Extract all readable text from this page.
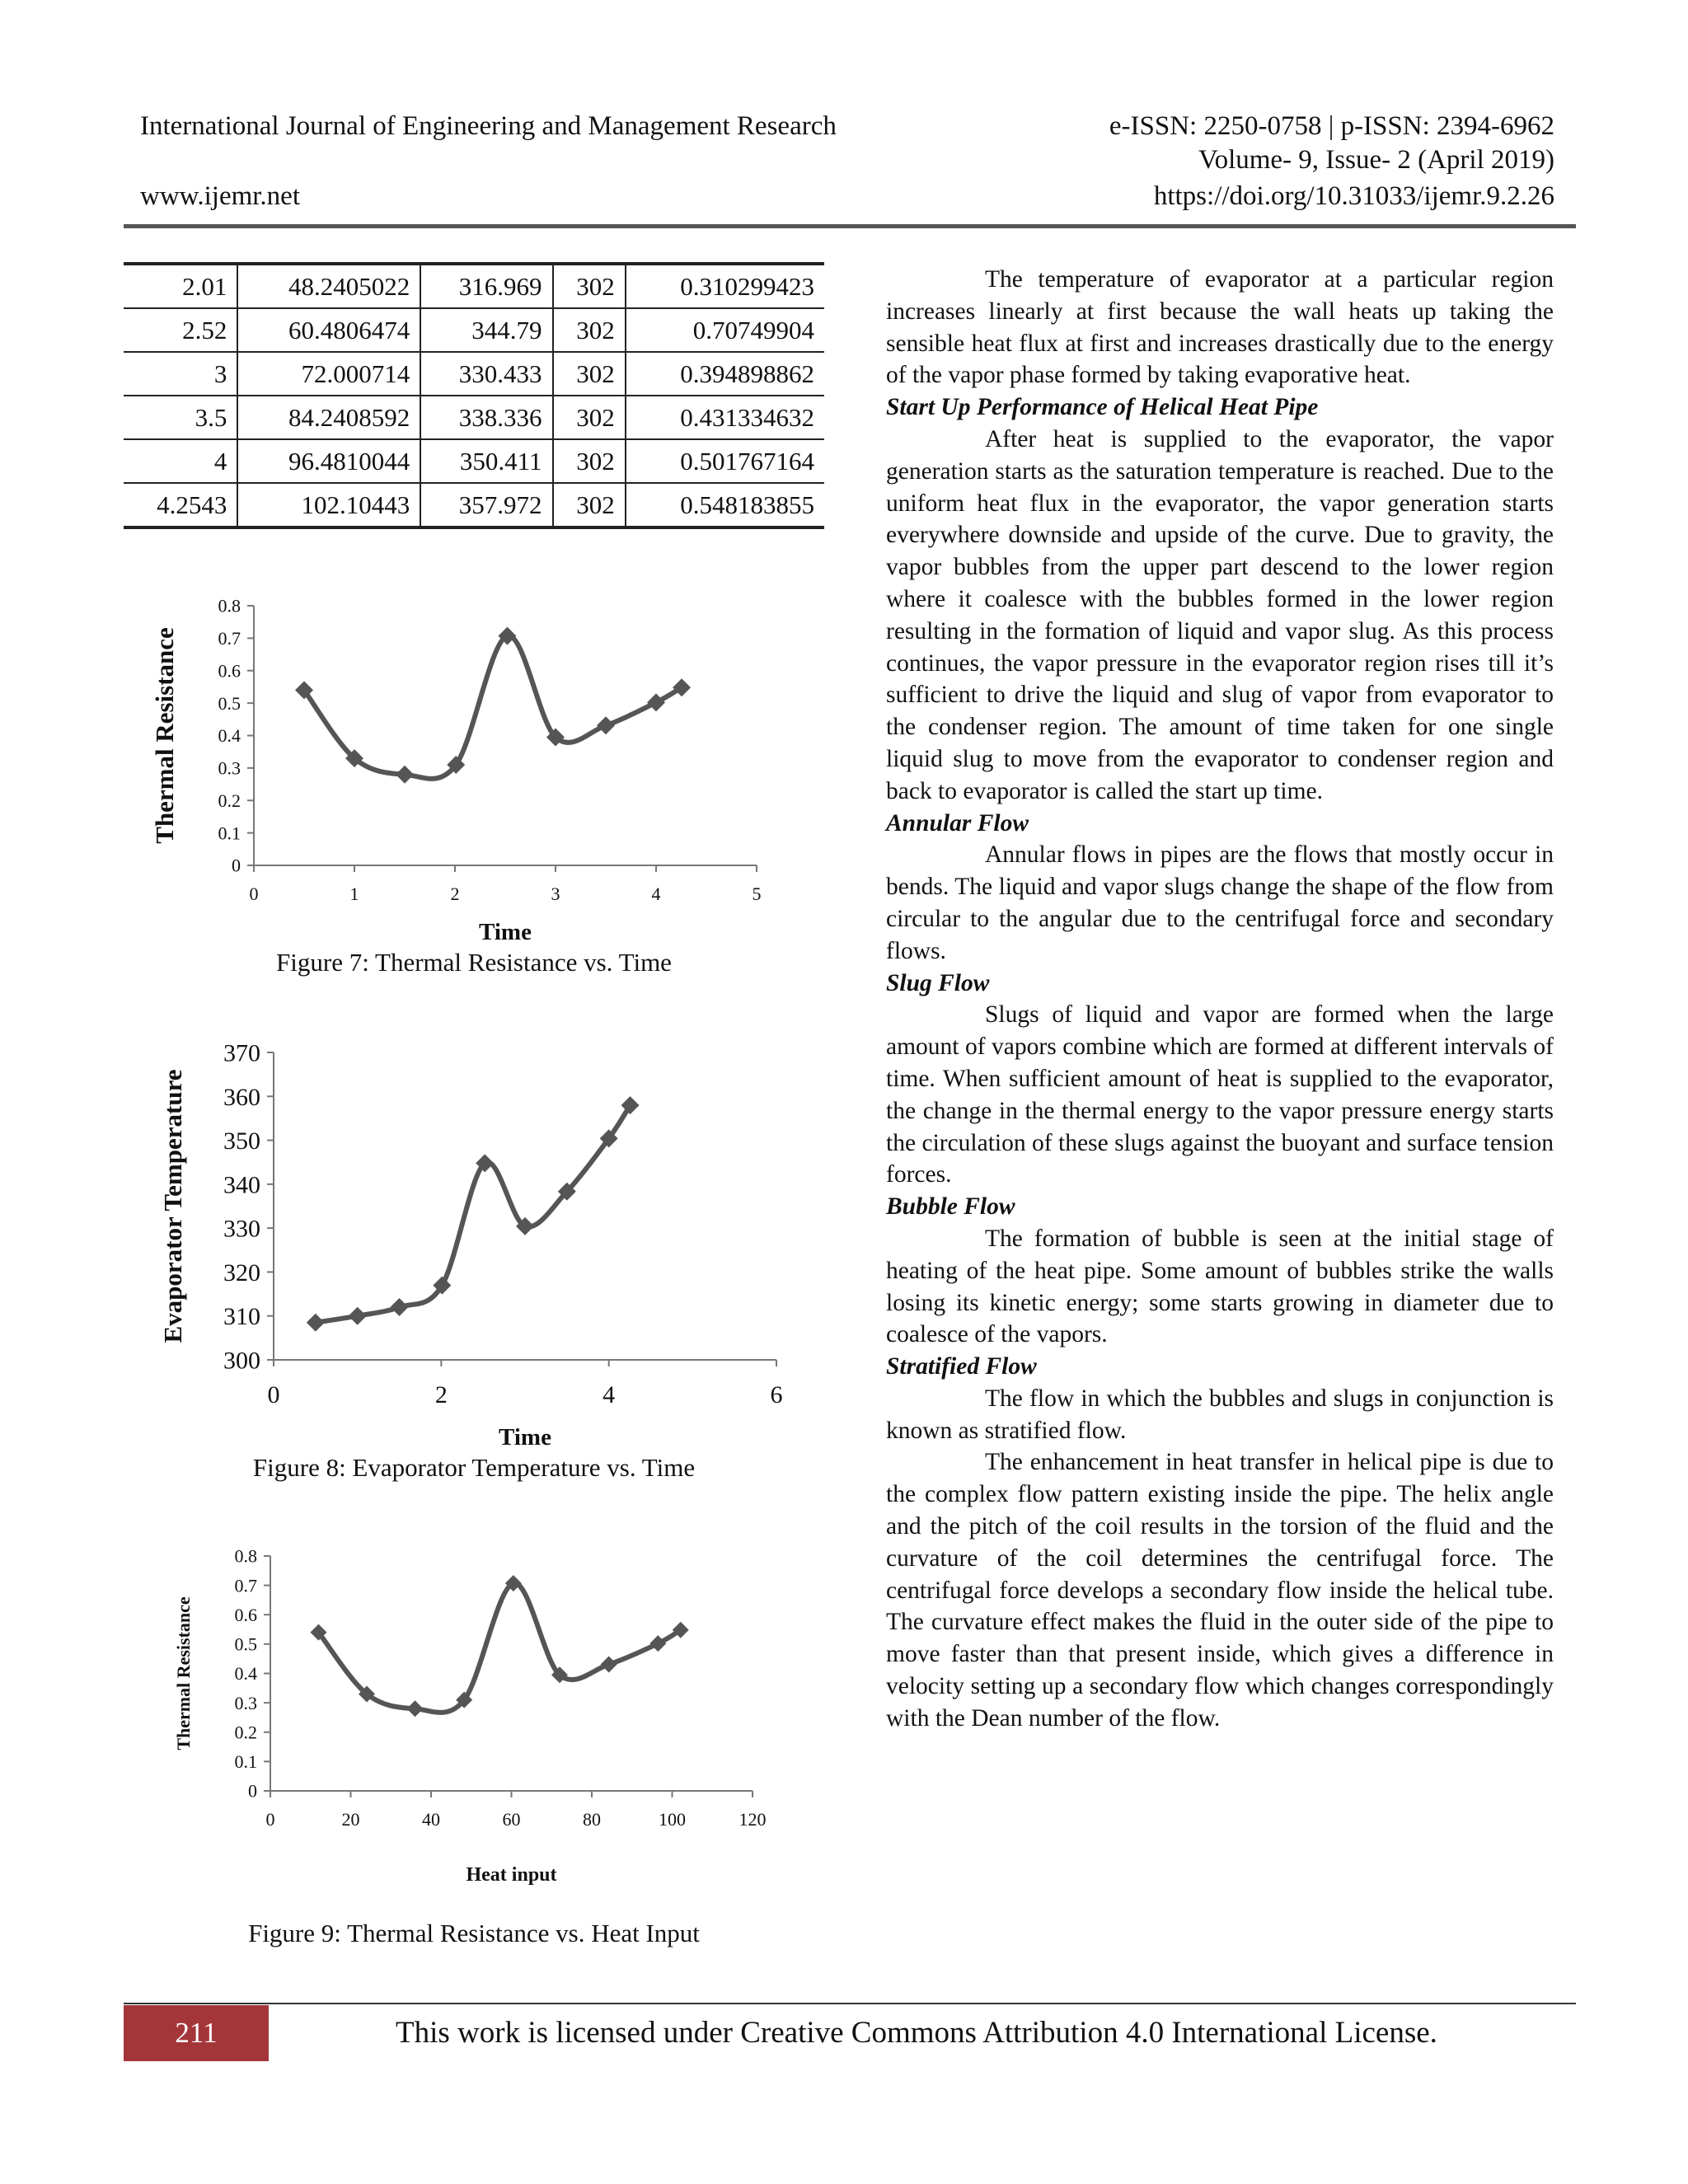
International Journal of Engineering and Management Research	e-ISSN: 2250-0758 | p-ISSN: 2394-6962
Volume- 9, Issue- 2 (April 2019)
www.ijemr.net	https://doi.org/10.31033/ijemr.9.2.26
2.01	48.2405022	316.969	302	0.310299423
2.52	60.4806474	344.79	302	0.70749904
3	72.000714	330.433	302	0.394898862
3.5	84.2408592	338.336	302	0.431334632
4	96.4810044	350.411	302	0.501767164
4.2543	102.10443	357.972	302	0.548183855
0
0.1
0.2
0.3
0.4
0.5
0.6
0.7
0.8
0	1	2	3	4	5
Time
Thermal Resistance
Figure 7: Thermal Resistance vs. Time
300
310
320
330
340
350
360
370
0	2	4	6
Time
Evaporator Temperature
Figure 8: Evaporator Temperature vs. Time
0
0.1
0.2
0.3
0.4
0.5
0.6
0.7
0.8
0	20	40	60	80	100	120
Heat input
Thermal Resistance
Figure 9: Thermal Resistance vs. Heat Input

The temperature of evaporator at a particular region increases linearly at first because the wall heats up taking the sensible heat flux at first and increases drastically due to the energy of the vapor phase formed by taking evaporative heat.

Start Up Performance of Helical Heat Pipe

After heat is supplied to the evaporator, the vapor generation starts as the saturation temperature is reached. Due to the uniform heat flux in the evaporator, the vapor generation starts everywhere downside and upside of the curve. Due to gravity, the vapor bubbles from the upper part descend to the lower region where it coalesce with the bubbles formed in the lower region resulting in the formation of liquid and vapor slug. As this process continues, the vapor pressure in the evaporator region rises till it’s sufficient to drive the liquid and slug of vapor from evaporator to the condenser region. The amount of time taken for one single liquid slug to move from the evaporator to condenser region and back to evaporator is called the start up time.

Annular Flow

Annular flows in pipes are the flows that mostly occur in bends. The liquid and vapor slugs change the shape of the flow from circular to the angular due to the centrifugal force and secondary flows.

Slug Flow

Slugs of liquid and vapor are formed when the large amount of vapors combine which are formed at different intervals of time. When sufficient amount of heat is supplied to the evaporator, the change in the thermal energy to the vapor pressure energy starts the circulation of these slugs against the buoyant and surface tension forces.

Bubble Flow

The formation of bubble is seen at the initial stage of heating of the heat pipe. Some amount of bubbles strike the walls losing its kinetic energy; some starts growing in diameter due to coalesce of the vapors.

Stratified Flow

The flow in which the bubbles and slugs in conjunction is known as stratified flow.

The enhancement in heat transfer in helical pipe is due to the complex flow pattern existing inside the pipe. The helix angle and the pitch of the coil results in the torsion of the fluid and the curvature of the coil determines the centrifugal force. The centrifugal force develops a secondary flow inside the helical tube. The curvature effect makes the fluid in the outer side of the pipe to move faster than that present inside, which gives a difference in velocity setting up a secondary flow which changes correspondingly with the Dean number of the flow.

211	This work is licensed under Creative Commons Attribution 4.0 International License.
